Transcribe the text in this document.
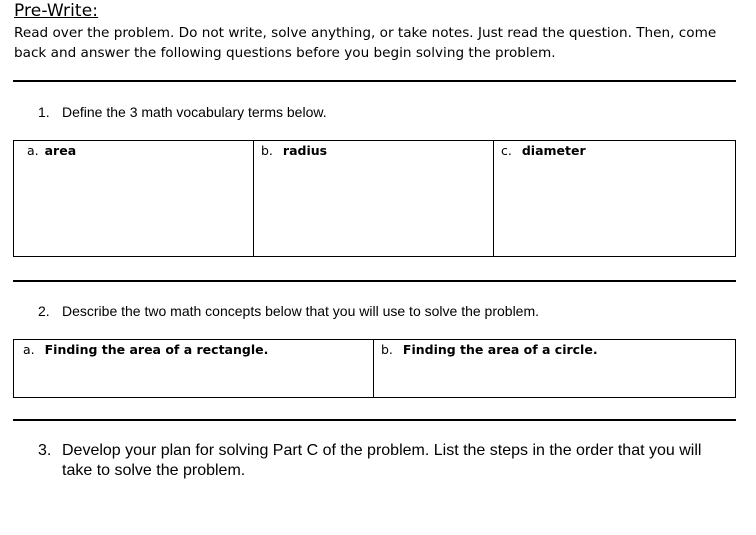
Pre-Write:
Read over the problem. Do not write, solve anything, or take notes. Just read the question. Then, come back and answer the following questions before you begin solving the problem.
1. Define the 3 math vocabulary terms below.
a. area	b. radius	c. diameter
2. Describe the two math concepts below that you will use to solve the problem.
a. Finding the area of a rectangle.	b. Finding the area of a circle.
3. Develop your plan for solving Part C of the problem. List the steps in the order that you will take to solve the problem.
